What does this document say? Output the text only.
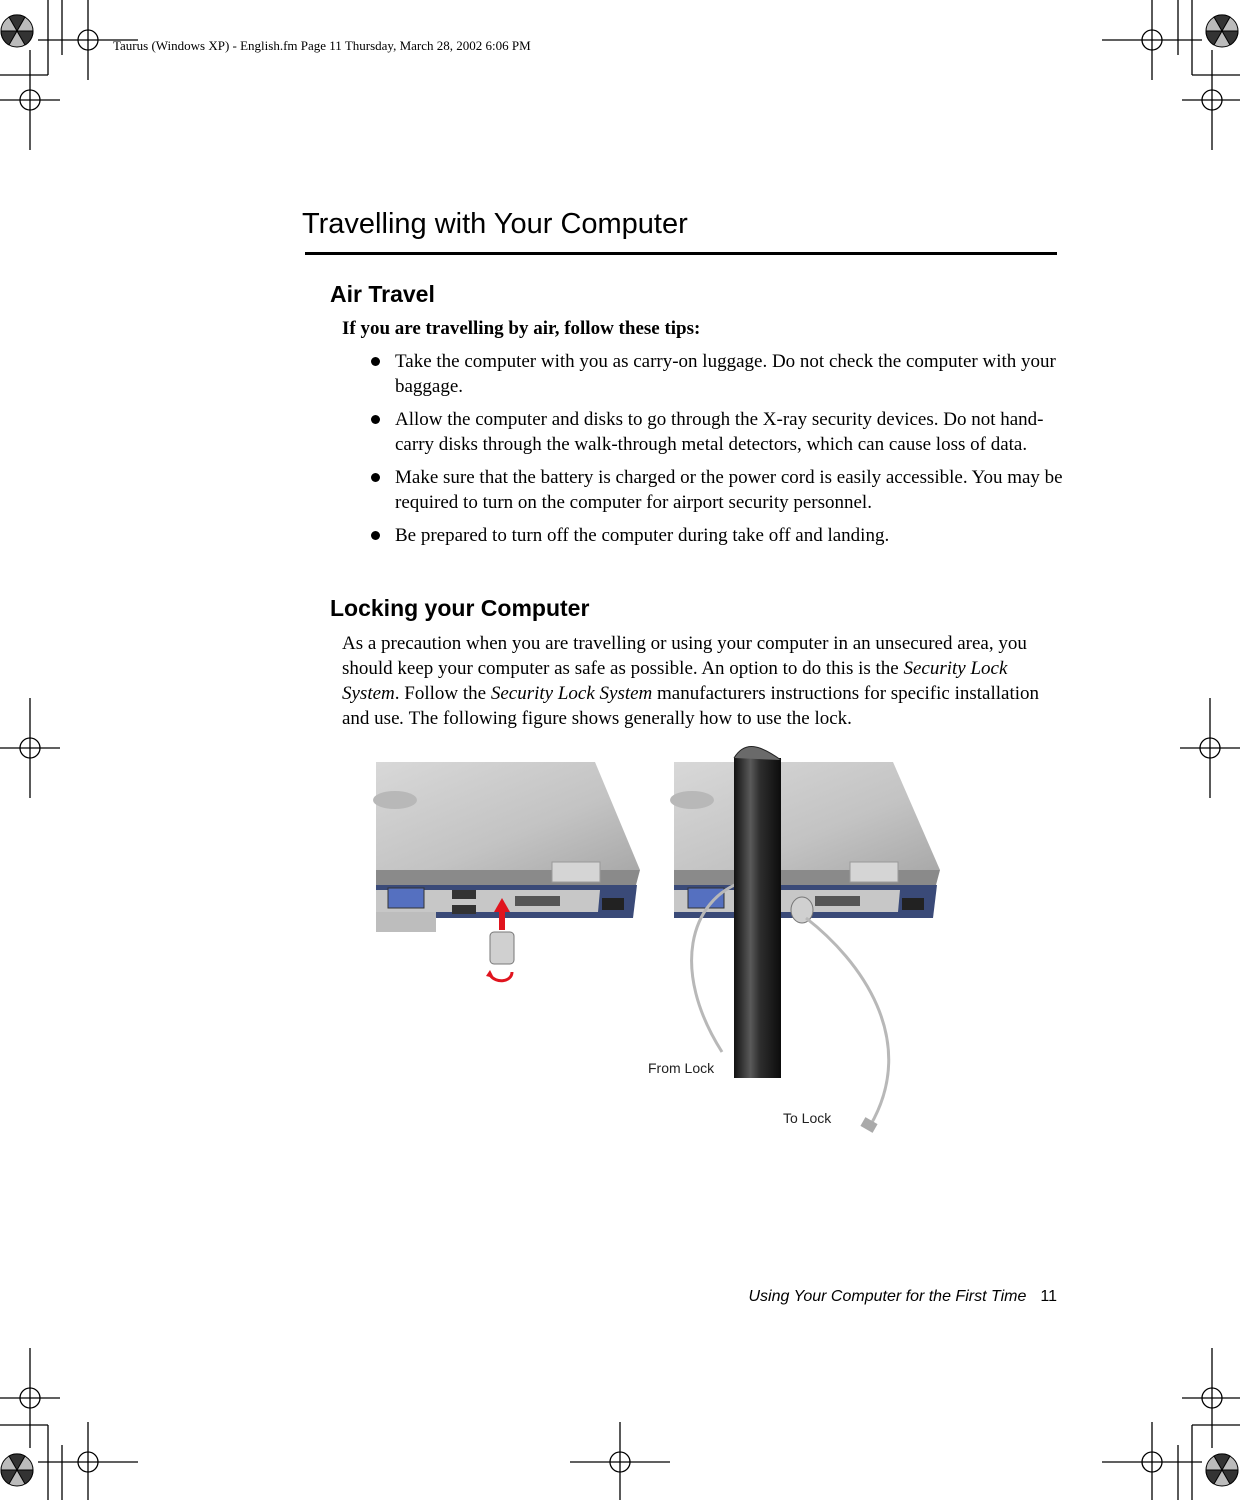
Taurus (Windows XP) - English.fm Page 11 Thursday, March 28, 2002 6:06 PM
Travelling with Your Computer
Air Travel
If you are travelling by air, follow these tips:
Take the computer with you as carry-on luggage. Do not check the computer with your baggage.
Allow the computer and disks to go through the X-ray security devices. Do not hand-carry disks through the walk-through metal detectors, which can cause loss of data.
Make sure that the battery is charged or the power cord is easily accessible. You may be required to turn on the computer for airport security personnel.
Be prepared to turn off the computer during take off and landing.
Locking your Computer
As a precaution when you are travelling or using your computer in an unsecured area, you should keep your computer as safe as possible. An option to do this is the Security Lock System. Follow the Security Lock System manufacturers instructions for specific installation and use. The following figure shows generally how to use the lock.
From Lock
To Lock
Using Your Computer for the First Time 11
